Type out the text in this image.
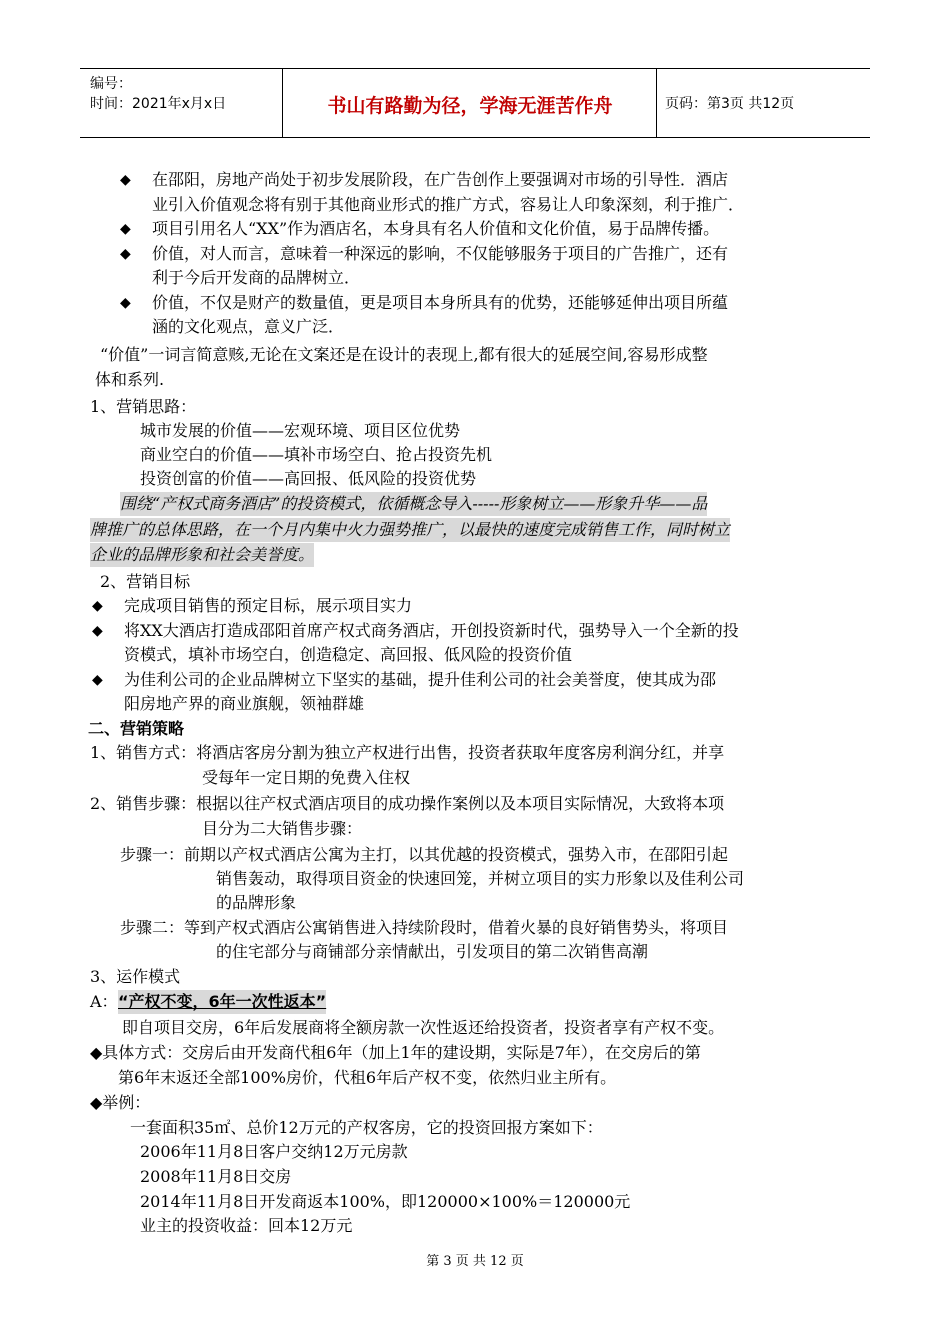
编号：
时间：2021年x月x日	书山有路勤为径，学海无涯苦作舟	页码：第3页 共12页
◆ 在邵阳，房地产尚处于初步发展阶段，在广告创作上要强调对市场的引导性．酒店
业引入价值观念将有别于其他商业形式的推广方式，容易让人印象深刻，利于推广．
◆ 项目引用名人“XX”作为酒店名，本身具有名人价值和文化价值，易于品牌传播。
◆ 价值，对人而言，意味着一种深远的影响，不仅能够服务于项目的广告推广，还有
利于今后开发商的品牌树立．
◆ 价值，不仅是财产的数量值，更是项目本身所具有的优势，还能够延伸出项目所蕴
涵的文化观点，意义广泛．
“价值”一词言简意赅,无论在文案还是在设计的表现上,都有很大的延展空间,容易形成整
体和系列.
1、营销思路：
城市发展的价值——宏观环境、项目区位优势
商业空白的价值——填补市场空白、抢占投资先机
投资创富的价值——高回报、低风险的投资优势
围绕“产权式商务酒店”的投资模式，依循概念导入-----形象树立——形象升华——品
牌推广的总体思路，在一个月内集中火力强势推广，以最快的速度完成销售工作，同时树立
企业的品牌形象和社会美誉度。
2、营销目标
◆ 完成项目销售的预定目标，展示项目实力
◆ 将XX大酒店打造成邵阳首席产权式商务酒店，开创投资新时代，强势导入一个全新的投
资模式，填补市场空白，创造稳定、高回报、低风险的投资价值
◆ 为佳利公司的企业品牌树立下坚实的基础，提升佳利公司的社会美誉度，使其成为邵
阳房地产界的商业旗舰，领袖群雄
二、营销策略
1、销售方式：将酒店客房分割为独立产权进行出售，投资者获取年度客房利润分红，并享
受每年一定日期的免费入住权
2、销售步骤：根据以往产权式酒店项目的成功操作案例以及本项目实际情况，大致将本项
目分为二大销售步骤：
步骤一：前期以产权式酒店公寓为主打，以其优越的投资模式，强势入市，在邵阳引起
销售轰动，取得项目资金的快速回笼，并树立项目的实力形象以及佳利公司
的品牌形象
步骤二：等到产权式酒店公寓销售进入持续阶段时，借着火暴的良好销售势头，将项目
的住宅部分与商铺部分亲情献出，引发项目的第二次销售高潮
3、运作模式
A： “产权不变，6年一次性返本”
即自项目交房，6年后发展商将全额房款一次性返还给投资者，投资者享有产权不变。
◆具体方式：交房后由开发商代租6年（加上1年的建设期，实际是7年），在交房后的第
第6年末返还全部100%房价，代租6年后产权不变，依然归业主所有。
◆举例：
一套面积35㎡、总价12万元的产权客房，它的投资回报方案如下：
2006年11月8日客户交纳12万元房款
2008年11月8日交房
2014年11月8日开发商返本100%，即120000×100%＝120000元
业主的投资收益：回本12万元
第 3 页 共 12 页
